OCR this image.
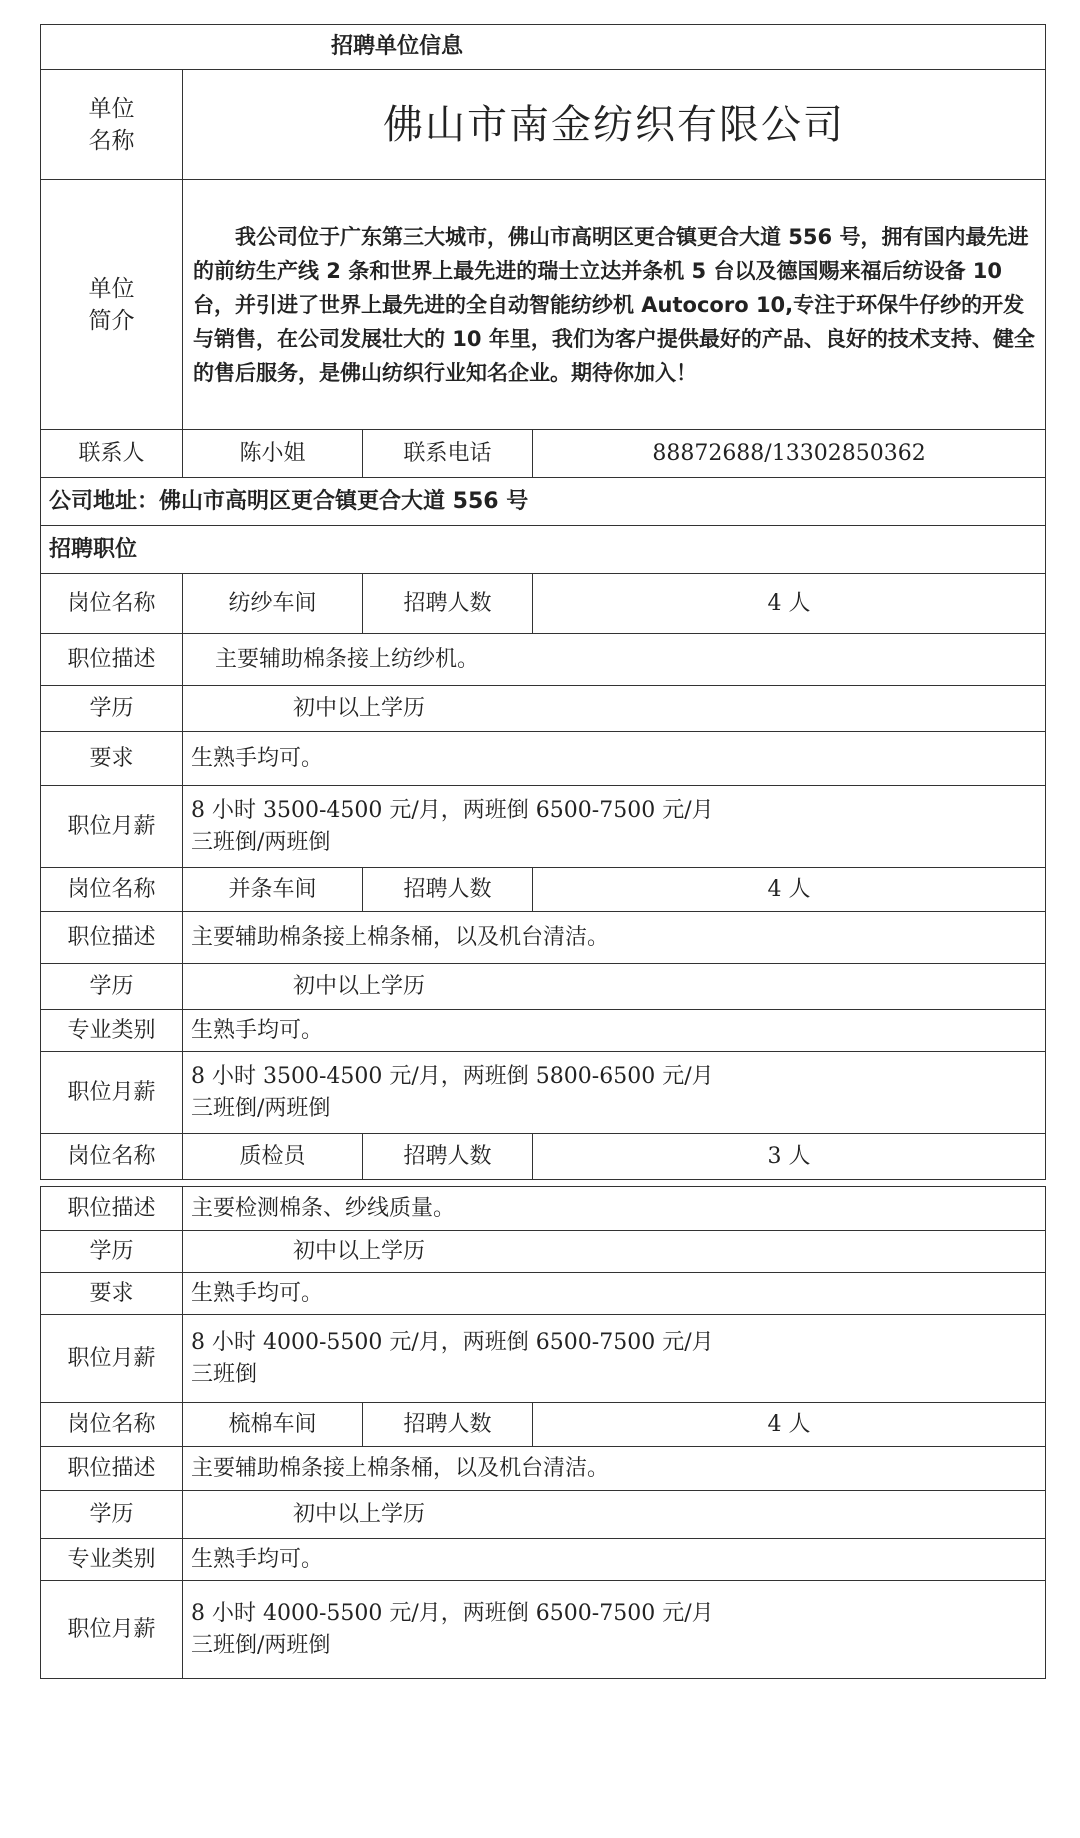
招聘单位信息			
单位
名称	佛山市南金纺织有限公司		
单位
简介	我公司位于广东第三大城市，佛山市高明区更合镇更合大道 556 号，拥有国内最先进的前纺生产线 2 条和世界上最先进的瑞士立达并条机 5 台以及德国赐来福后纺设备 10 台，并引进了世界上最先进的全自动智能纺纱机 Autocoro 10,专注于环保牛仔纱的开发与销售，在公司发展壮大的 10 年里，我们为客户提供最好的产品、良好的技术支持、健全的售后服务，是佛山纺织行业知名企业。期待你加入！		
联系人	陈小姐	联系电话	88872688/13302850362
公司地址：佛山市高明区更合镇更合大道 556 号			
招聘职位			
岗位名称	纺纱车间	招聘人数	4 人
职位描述	主要辅助棉条接上纺纱机。		
学历	初中以上学历		
要求	生熟手均可。		
职位月薪	8 小时 3500-4500 元/月，两班倒 6500-7500 元/月
三班倒/两班倒		

岗位名称	并条车间	招聘人数	4 人
职位描述	主要辅助棉条接上棉条桶，以及机台清洁。		
学历	初中以上学历		
专业类别	生熟手均可。		
职位月薪	8 小时 3500-4500 元/月，两班倒 5800-6500 元/月
三班倒/两班倒		

岗位名称	质检员	招聘人数	3 人

职位描述	主要检测棉条、纱线质量。		
学历	初中以上学历		
要求	生熟手均可。		
职位月薪	8 小时 4000-5500 元/月，两班倒 6500-7500 元/月
三班倒		

岗位名称	梳棉车间	招聘人数	4 人
职位描述	主要辅助棉条接上棉条桶，以及机台清洁。		
学历	初中以上学历		
专业类别	生熟手均可。		
职位月薪	8 小时 4000-5500 元/月，两班倒 6500-7500 元/月
三班倒/两班倒		
